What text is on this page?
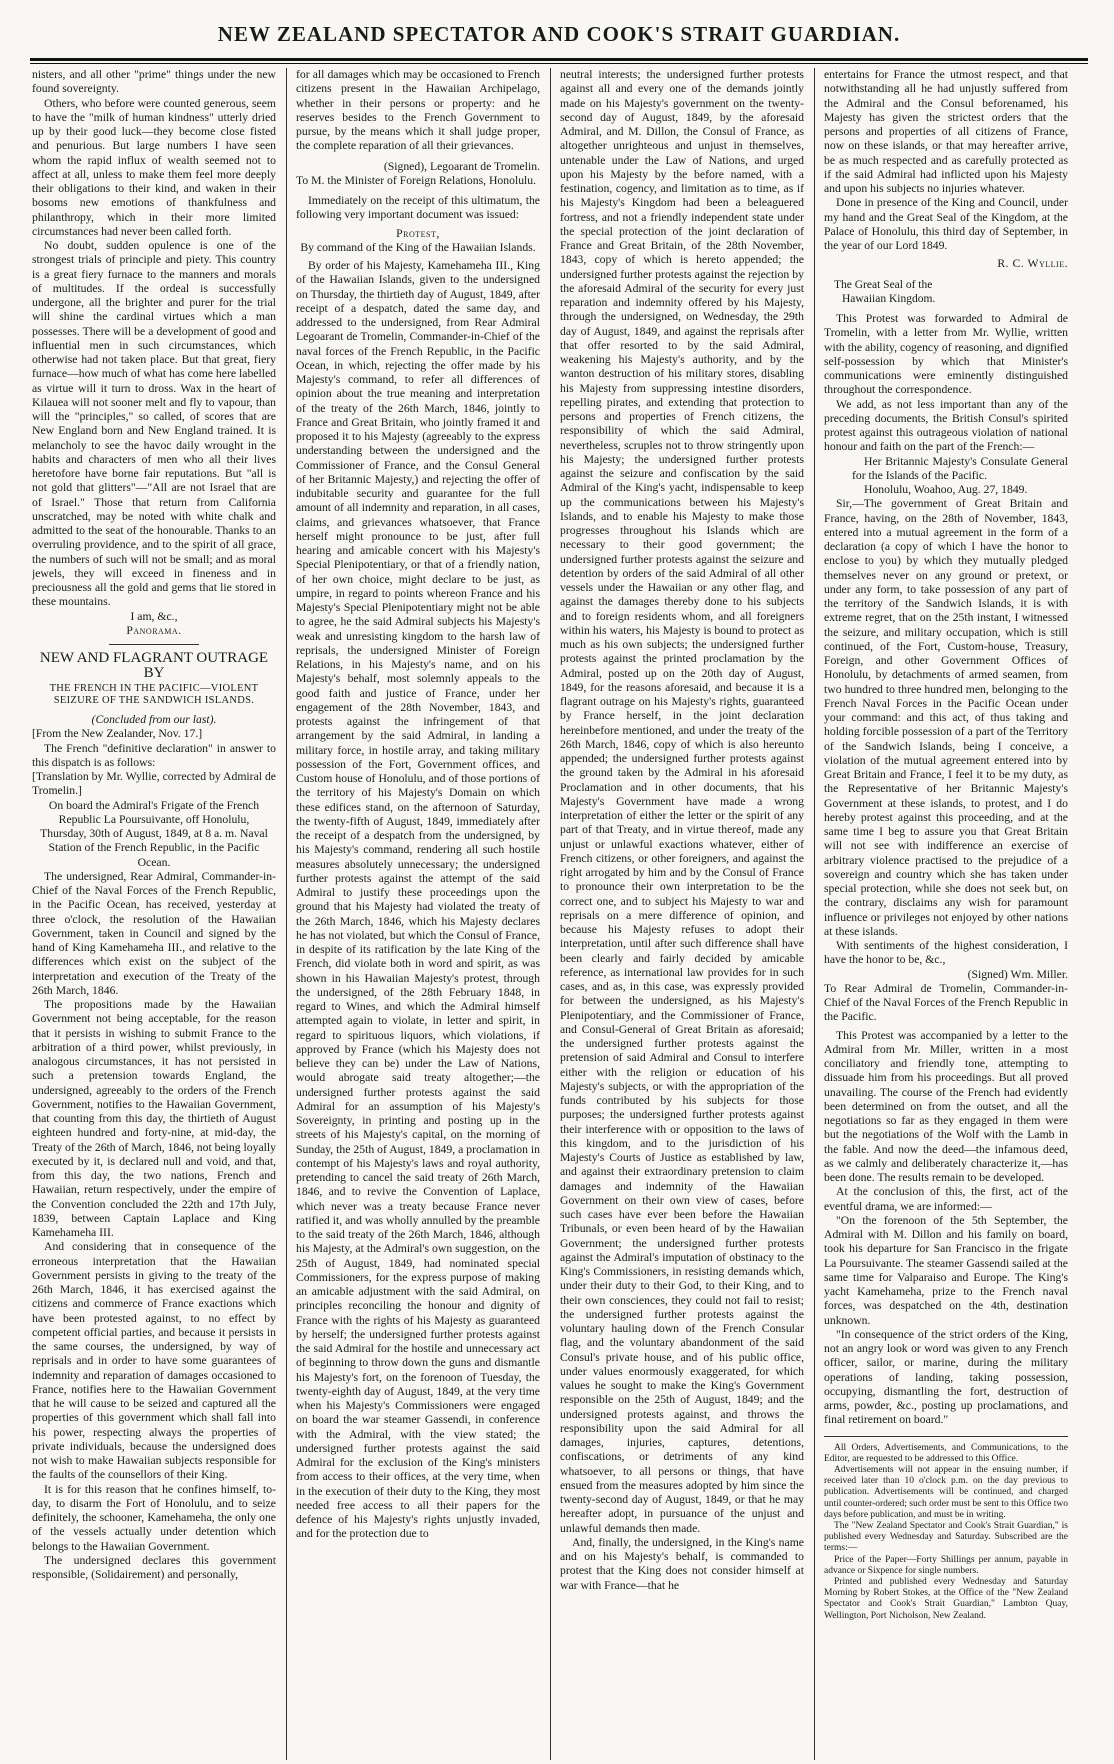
NEW ZEALAND SPECTATOR AND COOK'S STRAIT GUARDIAN.

nisters, and all other "prime" things under the new found sovereignty.

Others, who before were counted generous, seem to have the "milk of human kindness" utterly dried up by their good luck—they become close fisted and penurious. But large numbers I have seen whom the rapid influx of wealth seemed not to affect at all, unless to make them feel more deeply their obligations to their kind, and waken in their bosoms new emotions of thankfulness and philanthropy, which in their more limited circumstances had never been called forth.

No doubt, sudden opulence is one of the strongest trials of principle and piety. This country is a great fiery furnace to the manners and morals of multitudes. If the ordeal is successfully undergone, all the brighter and purer for the trial will shine the cardinal virtues which a man possesses. There will be a development of good and influential men in such circumstances, which otherwise had not taken place. But that great, fiery furnace—how much of what has come here labelled as virtue will it turn to dross. Wax in the heart of Kilauea will not sooner melt and fly to vapour, than will the "principles," so called, of scores that are New England born and New England trained. It is melancholy to see the havoc daily wrought in the habits and characters of men who all their lives heretofore have borne fair reputations. But "all is not gold that glitters"—"All are not Israel that are of Israel." Those that return from California unscratched, may be noted with white chalk and admitted to the seat of the honourable. Thanks to an overruling providence, and to the spirit of all grace, the numbers of such will not be small; and as moral jewels, they will exceed in fineness and in preciousness all the gold and gems that lie stored in these mountains.

I am, &c.,

Panorama.

NEW AND FLAGRANT OUTRAGE BY
THE FRENCH IN THE PACIFIC—VIOLENT SEIZURE OF THE SANDWICH ISLANDS.

(Concluded from our last).

[From the New Zealander, Nov. 17.]

The French "definitive declaration" in answer to this dispatch is as follows:

[Translation by Mr. Wyllie, corrected by Admiral de Tromelin.]

On board the Admiral's Frigate of the French Republic La Poursuivante, off Honolulu,

Thursday, 30th of August, 1849, at 8 a. m. Naval Station of the French Republic, in the Pacific Ocean.

The undersigned, Rear Admiral, Commander-in-Chief of the Naval Forces of the French Republic, in the Pacific Ocean, has received, yesterday at three o'clock, the resolution of the Hawaiian Government, taken in Council and signed by the hand of King Kamehameha III., and relative to the differences which exist on the subject of the interpretation and execution of the Treaty of the 26th March, 1846.

The propositions made by the Hawaiian Government not being acceptable, for the reason that it persists in wishing to submit France to the arbitration of a third power, whilst previously, in analogous circumstances, it has not persisted in such a pretension towards England, the undersigned, agreeably to the orders of the French Government, notifies to the Hawaiian Government, that counting from this day, the thirtieth of August eighteen hundred and forty-nine, at mid-day, the Treaty of the 26th of March, 1846, not being loyally executed by it, is declared null and void, and that, from this day, the two nations, French and Hawaiian, return respectively, under the empire of the Convention concluded the 22th and 17th July, 1839, between Captain Laplace and King Kamehameha III.

And considering that in consequence of the erroneous interpretation that the Hawaiian Government persists in giving to the treaty of the 26th March, 1846, it has exercised against the citizens and commerce of France exactions which have been protested against, to no effect by competent official parties, and because it persists in the same courses, the undersigned, by way of reprisals and in order to have some guarantees of indemnity and reparation of damages occasioned to France, notifies here to the Hawaiian Government that he will cause to be seized and captured all the properties of this government which shall fall into his power, respecting always the properties of private individuals, because the undersigned does not wish to make Hawaiian subjects responsible for the faults of the counsellors of their King.

It is for this reason that he confines himself, to-day, to disarm the Fort of Honolulu, and to seize definitely, the schooner, Kamehameha, the only one of the vessels actually under detention which belongs to the Hawaiian Government.

The undersigned declares this government responsible, (Solidairement) and personally,

for all damages which may be occasioned to French citizens present in the Hawaiian Archipelago, whether in their persons or property: and he reserves besides to the French Government to pursue, by the means which it shall judge proper, the complete reparation of all their grievances.

(Signed), Legoarant de Tromelin.

To M. the Minister of Foreign Relations, Honolulu.

Immediately on the receipt of this ultimatum, the following very important document was issued:

Protest,

By command of the King of the Hawaiian Islands.

By order of his Majesty, Kamehameha III., King of the Hawaiian Islands, given to the undersigned on Thursday, the thirtieth day of August, 1849, after receipt of a despatch, dated the same day, and addressed to the undersigned, from Rear Admiral Legoarant de Tromelin, Commander-in-Chief of the naval forces of the French Republic, in the Pacific Ocean, in which, rejecting the offer made by his Majesty's command, to refer all differences of opinion about the true meaning and interpretation of the treaty of the 26th March, 1846, jointly to France and Great Britain, who jointly framed it and proposed it to his Majesty (agreeably to the express understanding between the undersigned and the Commissioner of France, and the Consul General of her Britannic Majesty,) and rejecting the offer of indubitable security and guarantee for the full amount of all indemnity and reparation, in all cases, claims, and grievances whatsoever, that France herself might pronounce to be just, after full hearing and amicable concert with his Majesty's Special Plenipotentiary, or that of a friendly nation, of her own choice, might declare to be just, as umpire, in regard to points whereon France and his Majesty's Special Plenipotentiary might not be able to agree, he the said Admiral subjects his Majesty's weak and unresisting kingdom to the harsh law of reprisals, the undersigned Minister of Foreign Relations, in his Majesty's name, and on his Majesty's behalf, most solemnly appeals to the good faith and justice of France, under her engagement of the 28th November, 1843, and protests against the infringement of that arrangement by the said Admiral, in landing a military force, in hostile array, and taking military possession of the Fort, Government offices, and Custom house of Honolulu, and of those portions of the territory of his Majesty's Domain on which these edifices stand, on the afternoon of Saturday, the twenty-fifth of August, 1849, immediately after the receipt of a despatch from the undersigned, by his Majesty's command, rendering all such hostile measures absolutely unnecessary; the undersigned further protests against the attempt of the said Admiral to justify these proceedings upon the ground that his Majesty had violated the treaty of the 26th March, 1846, which his Majesty declares he has not violated, but which the Consul of France, in despite of its ratification by the late King of the French, did violate both in word and spirit, as was shown in his Hawaiian Majesty's protest, through the undersigned, of the 28th February 1848, in regard to Wines, and which the Admiral himself attempted again to violate, in letter and spirit, in regard to spirituous liquors, which violations, if approved by France (which his Majesty does not believe they can be) under the Law of Nations, would abrogate said treaty altogether;—the undersigned further protests against the said Admiral for an assumption of his Majesty's Sovereignty, in printing and posting up in the streets of his Majesty's capital, on the morning of Sunday, the 25th of August, 1849, a proclamation in contempt of his Majesty's laws and royal authority, pretending to cancel the said treaty of 26th March, 1846, and to revive the Convention of Laplace, which never was a treaty because France never ratified it, and was wholly annulled by the preamble to the said treaty of the 26th March, 1846, although his Majesty, at the Admiral's own suggestion, on the 25th of August, 1849, had nominated special Commissioners, for the express purpose of making an amicable adjustment with the said Admiral, on principles reconciling the honour and dignity of France with the rights of his Majesty as guaranteed by herself; the undersigned further protests against the said Admiral for the hostile and unnecessary act of beginning to throw down the guns and dismantle his Majesty's fort, on the forenoon of Tuesday, the twenty-eighth day of August, 1849, at the very time when his Majesty's Commissioners were engaged on board the war steamer Gassendi, in conference with the Admiral, with the view stated; the undersigned further protests against the said Admiral for the exclusion of the King's ministers from access to their offices, at the very time, when in the execution of their duty to the King, they most needed free access to all their papers for the defence of his Majesty's rights unjustly invaded, and for the protection due to

neutral interests; the undersigned further protests against all and every one of the demands jointly made on his Majesty's government on the twenty-second day of August, 1849, by the aforesaid Admiral, and M. Dillon, the Consul of France, as altogether unrighteous and unjust in themselves, untenable under the Law of Nations, and urged upon his Majesty by the before named, with a festination, cogency, and limitation as to time, as if his Majesty's Kingdom had been a beleaguered fortress, and not a friendly independent state under the special protection of the joint declaration of France and Great Britain, of the 28th November, 1843, copy of which is hereto appended; the undersigned further protests against the rejection by the aforesaid Admiral of the security for every just reparation and indemnity offered by his Majesty, through the undersigned, on Wednesday, the 29th day of August, 1849, and against the reprisals after that offer resorted to by the said Admiral, weakening his Majesty's authority, and by the wanton destruction of his military stores, disabling his Majesty from suppressing intestine disorders, repelling pirates, and extending that protection to persons and properties of French citizens, the responsibility of which the said Admiral, nevertheless, scruples not to throw stringently upon his Majesty; the undersigned further protests against the seizure and confiscation by the said Admiral of the King's yacht, indispensable to keep up the communications between his Majesty's Islands, and to enable his Majesty to make those progresses throughout his Islands which are necessary to their good government; the undersigned further protests against the seizure and detention by orders of the said Admiral of all other vessels under the Hawaiian or any other flag, and against the damages thereby done to his subjects and to foreign residents whom, and all foreigners within his waters, his Majesty is bound to protect as much as his own subjects; the undersigned further protests against the printed proclamation by the Admiral, posted up on the 20th day of August, 1849, for the reasons aforesaid, and because it is a flagrant outrage on his Majesty's rights, guaranteed by France herself, in the joint declaration hereinbefore mentioned, and under the treaty of the 26th March, 1846, copy of which is also hereunto appended; the undersigned further protests against the ground taken by the Admiral in his aforesaid Proclamation and in other documents, that his Majesty's Government have made a wrong interpretation of either the letter or the spirit of any part of that Treaty, and in virtue thereof, made any unjust or unlawful exactions whatever, either of French citizens, or other foreigners, and against the right arrogated by him and by the Consul of France to pronounce their own interpretation to be the correct one, and to subject his Majesty to war and reprisals on a mere difference of opinion, and because his Majesty refuses to adopt their interpretation, until after such difference shall have been clearly and fairly decided by amicable reference, as international law provides for in such cases, and as, in this case, was expressly provided for between the undersigned, as his Majesty's Plenipotentiary, and the Commissioner of France, and Consul-General of Great Britain as aforesaid; the undersigned further protests against the pretension of said Admiral and Consul to interfere either with the religion or education of his Majesty's subjects, or with the appropriation of the funds contributed by his subjects for those purposes; the undersigned further protests against their interference with or opposition to the laws of this kingdom, and to the jurisdiction of his Majesty's Courts of Justice as established by law, and against their extraordinary pretension to claim damages and indemnity of the Hawaiian Government on their own view of cases, before such cases have ever been before the Hawaiian Tribunals, or even been heard of by the Hawaiian Government; the undersigned further protests against the Admiral's imputation of obstinacy to the King's Commissioners, in resisting demands which, under their duty to their God, to their King, and to their own consciences, they could not fail to resist; the undersigned further protests against the voluntary hauling down of the French Consular flag, and the voluntary abandonment of the said Consul's private house, and of his public office, under values enormously exaggerated, for which values he sought to make the King's Government responsible on the 25th of August, 1849; and the undersigned protests against, and throws the responsibility upon the said Admiral for all damages, injuries, captures, detentions, confiscations, or detriments of any kind whatsoever, to all persons or things, that have ensued from the measures adopted by him since the twenty-second day of August, 1849, or that he may hereafter adopt, in pursuance of the unjust and unlawful demands then made.

And, finally, the undersigned, in the King's name and on his Majesty's behalf, is commanded to protest that the King does not consider himself at war with France—that he

entertains for France the utmost respect, and that notwithstanding all he had unjustly suffered from the Admiral and the Consul beforenamed, his Majesty has given the strictest orders that the persons and properties of all citizens of France, now on these islands, or that may hereafter arrive, be as much respected and as carefully protected as if the said Admiral had inflicted upon his Majesty and upon his subjects no injuries whatever.

Done in presence of the King and Council, under my hand and the Great Seal of the Kingdom, at the Palace of Honolulu, this third day of September, in the year of our Lord 1849.

R. C. Wyllie.

The Great Seal of the
Hawaiian Kingdom.

This Protest was forwarded to Admiral de Tromelin, with a letter from Mr. Wyllie, written with the ability, cogency of reasoning, and dignified self-possession by which that Minister's communications were eminently distinguished throughout the correspondence.

We add, as not less important than any of the preceding documents, the British Consul's spirited protest against this outrageous violation of national honour and faith on the part of the French:—

Her Britannic Majesty's Consulate General for the Islands of the Pacific.

Honolulu, Woahoo, Aug. 27, 1849.

Sir,—The government of Great Britain and France, having, on the 28th of November, 1843, entered into a mutual agreement in the form of a declaration (a copy of which I have the honor to enclose to you) by which they mutually pledged themselves never on any ground or pretext, or under any form, to take possession of any part of the territory of the Sandwich Islands, it is with extreme regret, that on the 25th instant, I witnessed the seizure, and military occupation, which is still continued, of the Fort, Custom-house, Treasury, Foreign, and other Government Offices of Honolulu, by detachments of armed seamen, from two hundred to three hundred men, belonging to the French Naval Forces in the Pacific Ocean under your command: and this act, of thus taking and holding forcible possession of a part of the Territory of the Sandwich Islands, being I conceive, a violation of the mutual agreement entered into by Great Britain and France, I feel it to be my duty, as the Representative of her Britannic Majesty's Government at these islands, to protest, and I do hereby protest against this proceeding, and at the same time I beg to assure you that Great Britain will not see with indifference an exercise of arbitrary violence practised to the prejudice of a sovereign and country which she has taken under special protection, while she does not seek but, on the contrary, disclaims any wish for paramount influence or privileges not enjoyed by other nations at these islands.

With sentiments of the highest consideration, I have the honor to be, &c.,

(Signed) Wm. Miller.

To Rear Admiral de Tromelin, Commander-in-Chief of the Naval Forces of the French Republic in the Pacific.

This Protest was accompanied by a letter to the Admiral from Mr. Miller, written in a most conciliatory and friendly tone, attempting to dissuade him from his proceedings. But all proved unavailing. The course of the French had evidently been determined on from the outset, and all the negotiations so far as they engaged in them were but the negotiations of the Wolf with the Lamb in the fable. And now the deed—the infamous deed, as we calmly and deliberately characterize it,—has been done. The results remain to be developed.

At the conclusion of this, the first, act of the eventful drama, we are informed:—

"On the forenoon of the 5th September, the Admiral with M. Dillon and his family on board, took his departure for San Francisco in the frigate La Poursuivante. The steamer Gassendi sailed at the same time for Valparaiso and Europe. The King's yacht Kamehameha, prize to the French naval forces, was despatched on the 4th, destination unknown.

"In consequence of the strict orders of the King, not an angry look or word was given to any French officer, sailor, or marine, during the military operations of landing, taking possession, occupying, dismantling the fort, destruction of arms, powder, &c., posting up proclamations, and final retirement on board."

All Orders, Advertisements, and Communications, to the Editor, are requested to be addressed to this Office.

Advertisements will not appear in the ensuing number, if received later than 10 o'clock p.m. on the day previous to publication. Advertisements will be continued, and charged until counter-ordered; such order must be sent to this Office two days before publication, and must be in writing.

The "New Zealand Spectator and Cook's Strait Guardian," is published every Wednesday and Saturday. Subscribed are the terms:—

Price of the Paper—Forty Shillings per annum, payable in advance or Sixpence for single numbers.

Printed and published every Wednesday and Saturday Morning by Robert Stokes, at the Office of the "New Zealand Spectator and Cook's Strait Guardian," Lambton Quay, Wellington, Port Nicholson, New Zealand.
